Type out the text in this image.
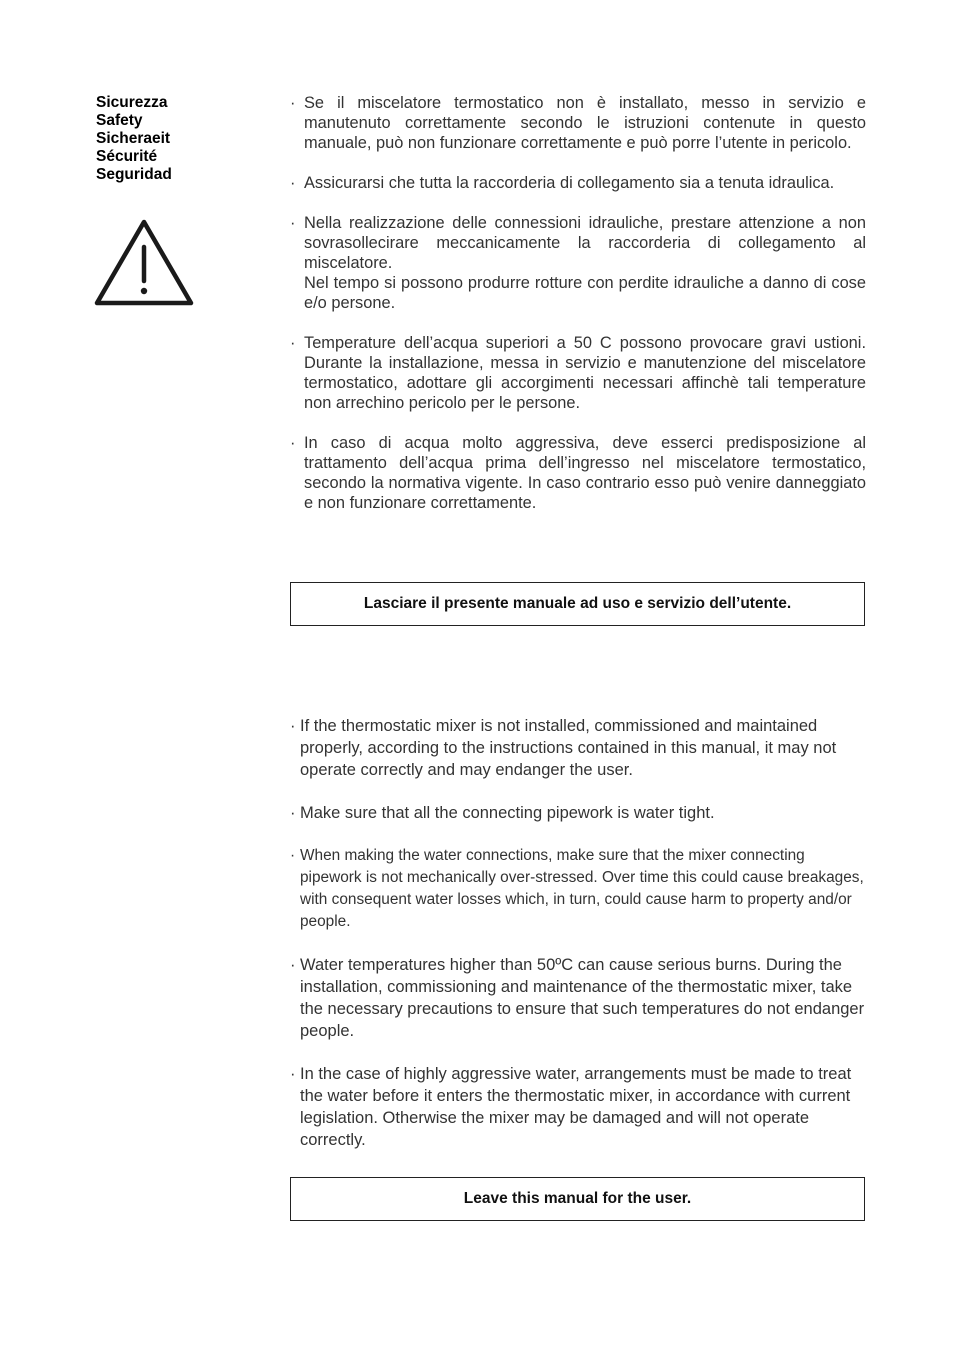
Sicurezza
Safety
Sicheraeit
Sécurité
Seguridad
· Se il miscelatore termostatico non è installato, messo in servizio e manutenuto correttamente secondo le istruzioni contenute in questo manuale, può non funzionare correttamente e può porre l’utente in pericolo.

· Assicurarsi che tutta la raccorderia di collegamento sia a tenuta idraulica.

· Nella realizzazione delle connessioni idrauliche, prestare attenzione a non sovrasollecirare meccanicamente la raccorderia di collegamento al miscelatore.

Nel tempo si possono produrre rotture con perdite idrauliche a danno di cose e/o persone.

· Temperature dell’acqua superiori a 50 C possono provocare gravi ustioni. Durante la installazione, messa in servizio e manutenzione del miscelatore termostatico, adottare gli accorgimenti necessari affinchè tali temperature non arrechino pericolo per le persone.

· In caso di acqua molto aggressiva, deve esserci predisposizione al trattamento dell’acqua prima dell’ingresso nel miscelatore termostatico, secondo la normativa vigente. In caso contrario esso può venire danneggiato e non funzionare correttamente.

Lasciare il presente manuale ad uso e servizio dell’utente.
· If the thermostatic mixer is not installed, commissioned and maintained properly, according to the instructions contained in this manual, it may not operate correctly and may endanger the user.

· Make sure that all the connecting pipework is water tight.

· When making the water connections, make sure that the mixer connecting pipework is not mechanically over-stressed. Over time this could cause breakages, with consequent water losses which, in turn, could cause harm to property and/or people.

· Water temperatures higher than 50ºC can cause serious burns. During the installation, commissioning and maintenance of the thermostatic mixer, take the necessary precautions to ensure that such temperatures do not endanger people.

· In the case of highly aggressive water, arrangements must be made to treat the water before it enters the thermostatic mixer, in accordance with current legislation. Otherwise the mixer may be damaged and will not operate correctly.

Leave this manual for the user.
